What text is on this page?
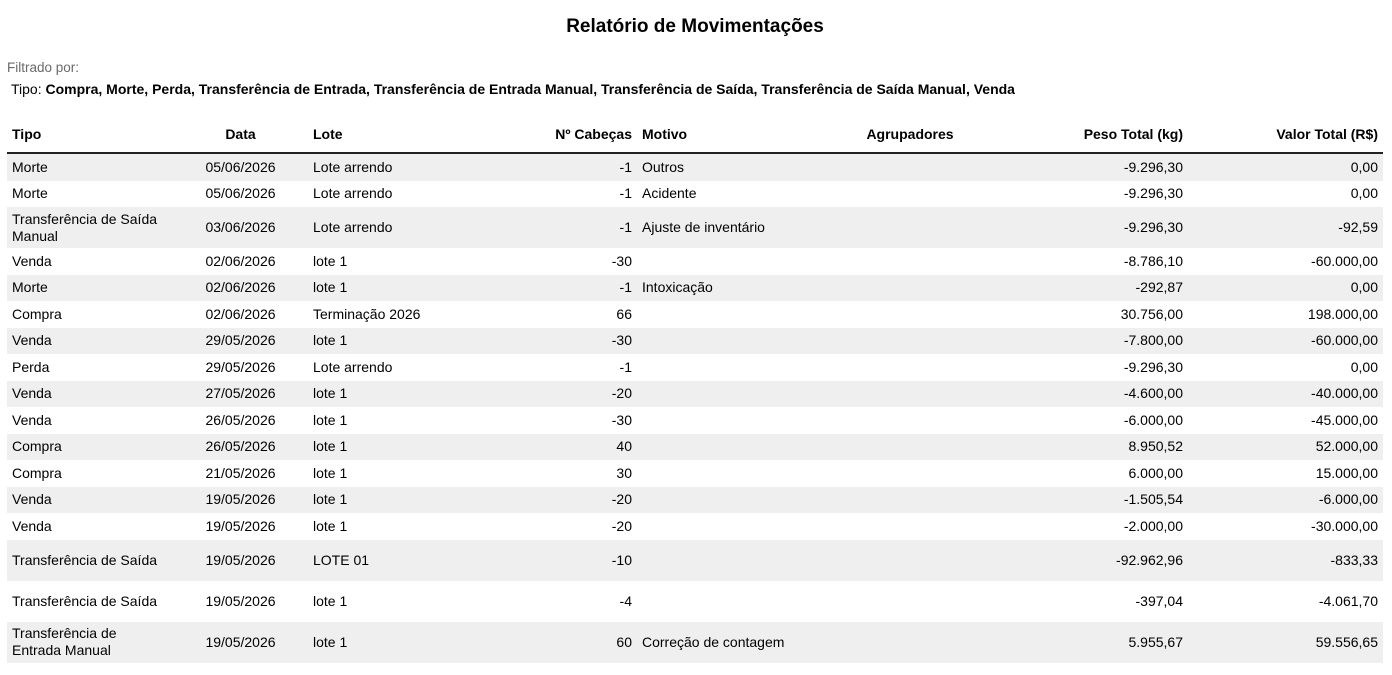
Relatório de Movimentações
Filtrado por:
Tipo: Compra, Morte, Perda, Transferência de Entrada, Transferência de Entrada Manual, Transferência de Saída, Transferência de Saída Manual, Venda
Tipo	Data	Lote	Nº Cabeças	Motivo	Agrupadores	Peso Total (kg)	Valor Total (R$)
Morte	05/06/2026	Lote arrendo	-1	Outros		-9.296,30	0,00
Morte	05/06/2026	Lote arrendo	-1	Acidente		-9.296,30	0,00
Transferência de Saída Manual	03/06/2026	Lote arrendo	-1	Ajuste de inventário		-9.296,30	-92,59
Venda	02/06/2026	lote 1	-30			-8.786,10	-60.000,00
Morte	02/06/2026	lote 1	-1	Intoxicação		-292,87	0,00
Compra	02/06/2026	Terminação 2026	66			30.756,00	198.000,00
Venda	29/05/2026	lote 1	-30			-7.800,00	-60.000,00
Perda	29/05/2026	Lote arrendo	-1			-9.296,30	0,00
Venda	27/05/2026	lote 1	-20			-4.600,00	-40.000,00
Venda	26/05/2026	lote 1	-30			-6.000,00	-45.000,00
Compra	26/05/2026	lote 1	40			8.950,52	52.000,00
Compra	21/05/2026	lote 1	30			6.000,00	15.000,00
Venda	19/05/2026	lote 1	-20			-1.505,54	-6.000,00
Venda	19/05/2026	lote 1	-20			-2.000,00	-30.000,00
Transferência de Saída	19/05/2026	LOTE 01	-10			-92.962,96	-833,33
Transferência de Saída	19/05/2026	lote 1	-4			-397,04	-4.061,70
Transferência de Entrada Manual	19/05/2026	lote 1	60	Correção de contagem		5.955,67	59.556,65
